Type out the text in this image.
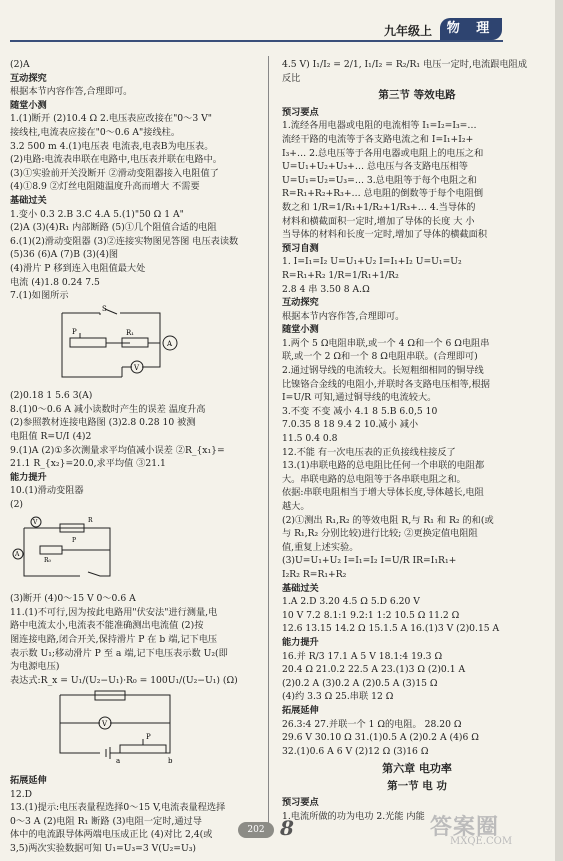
九年级上	物 理
(2)A
互动探究
根据本节内容作答,合理即可。
随堂小测
1.(1)断开 (2)10.4 Ω 2.电压表应改接在"0～3 V"
接线柱,电流表应接在"0～0.6 A"接线柱。
3.2 500 m 4.(1)电压表 电流表,电表B为电压表。
(2)电路:电流表串联在电路中,电压表并联在电路中。
(3)①实验前开关没断开 ②滑动变阻器接入电阻值了
(4)①8.9 ②灯丝电阻随温度升高而增大 不需要
基础过关
1.变小 0.3 2.B 3.C 4.A 5.(1)"50 Ω 1 A"
(2)A (3)(4)R₁ 内部断路 (5)①几个阻值合适的电阻
6.(1)(2)滑动变阻器 (3)②连接实物图见答图 电压表读数
(5)36 (6)A (7)B (3)(4)图
(4)滑片 P 移到连入电阻值最大处
电流 (4)1.8 0.24 7.5
7.(1)如图所示
S
A
P	R₁
V
(2)0.18 1 5.6 3(A)
8.(1)0～0.6 A 减小读数时产生的误差 温度升高
(2)参照教材连接电路图 (3)2.8 0.28 10 被测
电阻值 R=U/I (4)2
9.(1)A (2)①多次测量求平均值减小误差 ②R_{x₁}=
21.1 R_{x₂}=20.0,求平均值 ③21.1
能力提升
10.(1)滑动变阻器
(2)
V	R
P
A
R₀
(3)断开 (4)0～15 V 0～0.6 A
11.(1)不可行,因为按此电路用"伏安法"进行测量,电
路中电流太小,电流表不能准确测出电流值 (2)按
图连接电路,闭合开关,保持滑片 P 在 b 端,记下电压
表示数 U₁;移动滑片 P 至 a 端,记下电压表示数 U₂(即
为电源电压)
表达式:R_x = U₁/(U₂−U₁)·R₀ = 100U₁/(U₂−U₁) (Ω)
V
P
a	b
拓展延伸
12.D
13.(1)提示:电压表量程选择0～15 V,电流表量程选择
0～3 A (2)电阻 R₁ 断路 (3)电阻一定时,通过导
体中的电流跟导体两端电压成正比 (4)对比 2,4(或
3,5)两次实验数据可知 U₁=U₃=3 V(U₂=U₃)
4.5 V) I₁/I₂ = 2/1, I₁/I₂ = R₂/R₁ 电压一定时,电流跟电阻成
反比
第三节 等效电路
预习要点
1.流经各用电器或电阻的电流相等 I₁=I₂=I₃=…
流经干路的电流等于各支路电流之和 I=I₁+I₂+
I₃+… 2.总电压等于各用电器或电阻上的电压之和
U=U₁+U₂+U₃+… 总电压与各支路电压相等
U=U₁=U₂=U₃=… 3.总电阻等于每个电阻之和
R=R₁+R₂+R₃+… 总电阻的倒数等于每个电阻倒
数之和 1/R=1/R₁+1/R₂+1/R₃+… 4.当导体的
材料和横截面积一定时,增加了导体的长度 大 小
当导体的材料和长度一定时,增加了导体的横截面积
预习自测
1. I=I₁=I₂ U=U₁+U₂ I=I₁+I₂ U=U₁=U₂
R=R₁+R₂ 1/R=1/R₁+1/R₂
2.8 4 串 3.50 8 A.Ω
互动探究
根据本节内容作答,合理即可。
随堂小测
1.两个 5 Ω电阻串联,或一个 4 Ω和一个 6 Ω电阻串
联,或一个 2 Ω和一个 8 Ω电阻串联。(合理即可)
2.通过钢导线的电流较大。长短粗细相同的铜导线
比镍铬合金线的电阻小,并联时各支路电压相等,根据
I=U/R 可知,通过铜导线的电流较大。
3.不变 不变 减小 4.1 8 5.B 6.0,5 10
7.0.35 8 18 9.4 2 10.减小 减小
11.5 0.4 0.8
12.不能 有一次电压表的正负接线柱接反了
13.(1)串联电路的总电阻比任何一个串联的电阻都
大。串联电路的总电阻等于各串联电阻之和。
依据:串联电阻相当于增大导体长度,导体越长,电阻
越大。
(2)①测出 R₁,R₂ 的等效电阻 R,与 R₁ 和 R₂ 的和(或
与 R₁,R₂ 分别比较)进行比较; ②更换定值电阻阻
值,重复上述实验。
(3)U=U₁+U₂ I=I₁=I₂ I=U/R IR=I₁R₁+
I₂R₂ R=R₁+R₂
基础过关
1.A 2.D 3.20 4.5 Ω 5.D 6.20 V
10 V 7.2 8.1:1 9.2:1 1:2 10.5 Ω 11.2 Ω
12.6 13.15 14.2 Ω 15.1.5 A 16.(1)3 V (2)0.15 A
能力提升
16.并 R/3 17.1 A 5 V 18.1:4 19.3 Ω
20.4 Ω 21.0.2 22.5 A 23.(1)3 Ω (2)0.1 A
(2)0.2 A (3)0.2 A (2)0.5 A (3)15 Ω
(4)约 3.3 Ω 25.串联 12 Ω
拓展延伸
26.3:4 27.并联一个 1 Ω的电阻。 28.20 Ω
29.6 V 30.10 Ω 31.(1)0.5 A (2)0.2 A (4)6 Ω
32.(1)0.6 A 6 V (2)12 Ω (3)16 Ω
第六章 电功率
第一节 电 功
预习要点
1.电流所做的功为电功 2.光能 内能
202 8	答案圈
MXQE.COM
